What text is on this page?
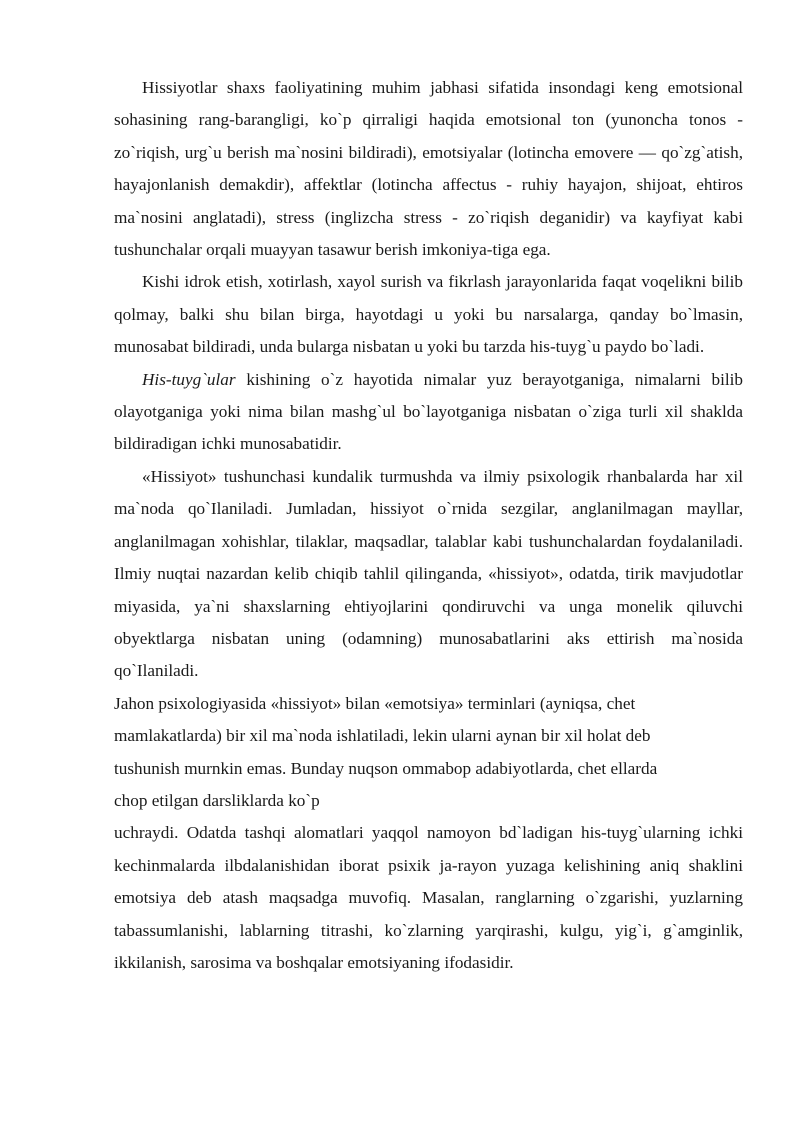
Hissiyotlar shaxs faoliyatining muhim jabhasi sifatida insondagi keng emotsional sohasining rang-barangligi, ko`p qirraligi haqida emotsional ton (yunoncha tonos - zo`riqish, urg`u berish ma`nosini bildiradi), emotsiyalar (lotincha emovere — qo`zg`atish, hayajonlanish demakdir), affektlar (lotincha affectus - ruhiy hayajon, shijoat, ehtiros ma`nosini anglatadi), stress (inglizcha stress - zo`riqish deganidir) va kayfiyat kabi tushunchalar orqali muayyan tasawur berish imkoniya-tiga ega.

Kishi idrok etish, xotirlash, xayol surish va fikrlash jarayonlarida faqat voqelikni bilib qolmay, balki shu bilan birga, hayotdagi u yoki bu narsalarga, qanday bo`lmasin, munosabat bildiradi, unda bularga nisbatan u yoki bu tarzda his-tuyg`u paydo bo`ladi.

His-tuyg`ular kishining o`z hayotida nimalar yuz berayotganiga, nimalarni bilib olayotganiga yoki nima bilan mashg`ul bo`layotganiga nisbatan o`ziga turli xil shaklda bildiradigan ichki munosabatidir.

«Hissiyot» tushunchasi kundalik turmushda va ilmiy psixologik rhanbalarda har xil ma`noda qo`Ilaniladi. Jumladan, hissiyot o`rnida sezgilar, anglanilmagan mayllar, anglanilmagan xohishlar, tilaklar, maqsadlar, talablar kabi tushunchalardan foydalaniladi. Ilmiy nuqtai nazardan kelib chiqib tahlil qilinganda, «hissiyot», odatda, tirik mavjudotlar miyasida, ya`ni shaxslarning ehtiyojlarini qondiruvchi va unga monelik qiluvchi obyektlarga nisbatan uning (odamning) munosabatlarini aks ettirish ma`nosida qo`Ilaniladi.

Jahon psixologiyasida «hissiyot» bilan «emotsiya» terminlari (ayniqsa, chet
mamlakatlarda) bir xil ma`noda ishlatiladi, lekin ularni aynan bir xil holat deb
tushunish murnkin emas. Bunday nuqson ommabop adabiyotlarda, chet ellarda
chop etilgan darsliklarda ko`p

uchraydi. Odatda tashqi alomatlari yaqqol namoyon bd`ladigan his-tuyg`ularning ichki kechinmalarda ilbdalanishidan iborat psixik ja-rayon yuzaga kelishining aniq shaklini emotsiya deb atash maqsadga muvofiq. Masalan, ranglarning o`zgarishi, yuzlarning tabassumlanishi, lablarning titrashi, ko`zlarning yarqirashi, kulgu, yig`i, g`amginlik, ikkilanish, sarosima va boshqalar emotsiyaning ifodasidir.
